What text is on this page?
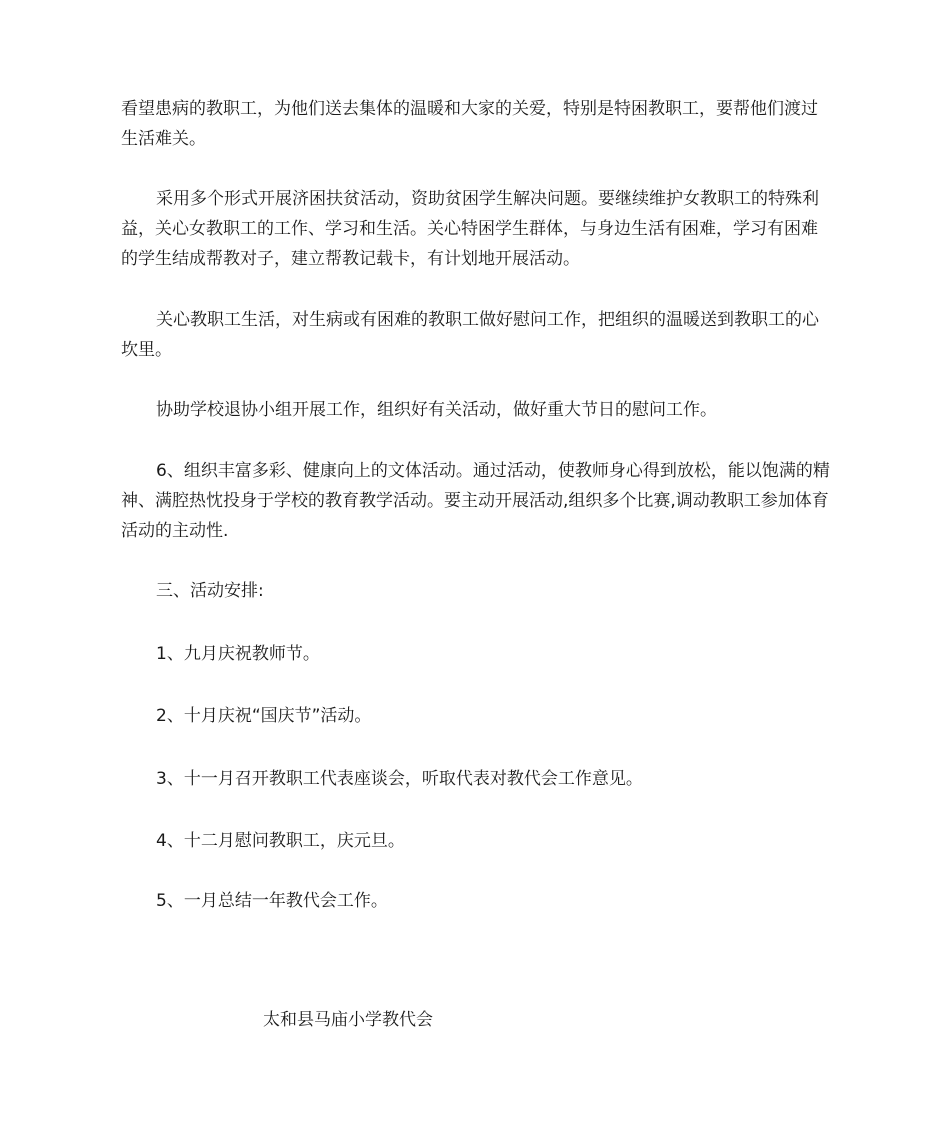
看望患病的教职工，为他们送去集体的温暖和大家的关爱，特别是特困教职工，要帮他们渡过生活难关。

采用多个形式开展济困扶贫活动，资助贫困学生解决问题。要继续维护女教职工的特殊利益，关心女教职工的工作、学习和生活。关心特困学生群体，与身边生活有困难，学习有困难的学生结成帮教对子，建立帮教记载卡，有计划地开展活动。

关心教职工生活，对生病或有困难的教职工做好慰问工作，把组织的温暖送到教职工的心坎里。

协助学校退协小组开展工作，组织好有关活动，做好重大节日的慰问工作。

6、组织丰富多彩、健康向上的文体活动。通过活动，使教师身心得到放松，能以饱满的精神、满腔热忱投身于学校的教育教学活动。要主动开展活动,组织多个比赛,调动教职工参加体育活动的主动性.

三、活动安排:

1、九月庆祝教师节。

2、十月庆祝“国庆节”活动。

3、十一月召开教职工代表座谈会，听取代表对教代会工作意见。

4、十二月慰问教职工，庆元旦。

5、一月总结一年教代会工作。

太和县马庙小学教代会
